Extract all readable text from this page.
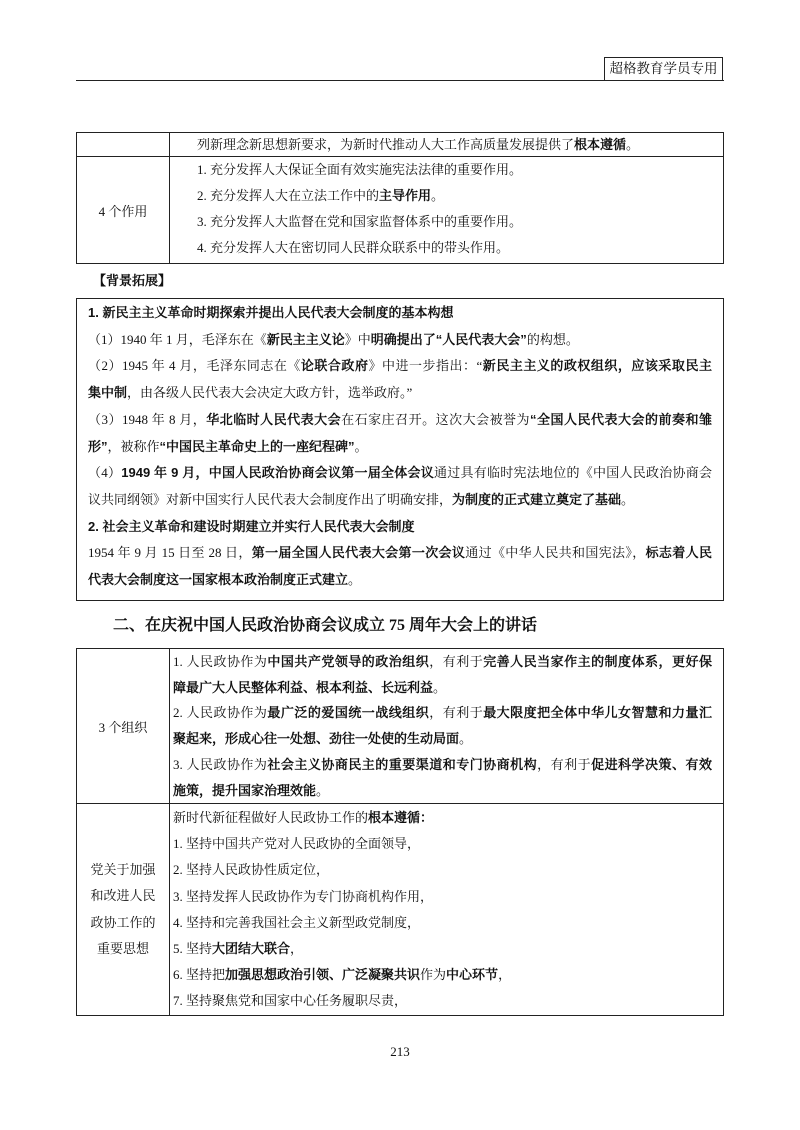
超格教育学员专用
列新理念新思想新要求，为新时代推动人大工作高质量发展提供了根本遵循。
4 个作用
1. 充分发挥人大保证全面有效实施宪法法律的重要作用。
2. 充分发挥人大在立法工作中的主导作用。
3. 充分发挥人大监督在党和国家监督体系中的重要作用。
4. 充分发挥人大在密切同人民群众联系中的带头作用。
【背景拓展】
1. 新民主主义革命时期探索并提出人民代表大会制度的基本构想
（1）1940 年 1 月，毛泽东在《新民主主义论》中明确提出了“人民代表大会”的构想。
（2）1945 年 4 月，毛泽东同志在《论联合政府》中进一步指出：“新民主主义的政权组织，应该采取民主
集中制，由各级人民代表大会决定大政方针，选举政府。”
（3）1948 年 8 月，华北临时人民代表大会在石家庄召开。这次大会被誉为“全国人民代表大会的前奏和雏
形”，被称作“中国民主革命史上的一座纪程碑”。
（4）1949 年 9 月，中国人民政治协商会议第一届全体会议通过具有临时宪法地位的《中国人民政治协商会
议共同纲领》对新中国实行人民代表大会制度作出了明确安排，为制度的正式建立奠定了基础。
2. 社会主义革命和建设时期建立并实行人民代表大会制度
1954 年 9 月 15 日至 28 日，第一届全国人民代表大会第一次会议通过《中华人民共和国宪法》，标志着人民
代表大会制度这一国家根本政治制度正式建立。
二、在庆祝中国人民政治协商会议成立 75 周年大会上的讲话
3 个组织
1. 人民政协作为中国共产党领导的政治组织，有利于完善人民当家作主的制度体系，更好保
障最广大人民整体利益、根本利益、长远利益。
2. 人民政协作为最广泛的爱国统一战线组织，有利于最大限度把全体中华儿女智慧和力量汇
聚起来，形成心往一处想、劲往一处使的生动局面。
3. 人民政协作为社会主义协商民主的重要渠道和专门协商机构，有利于促进科学决策、有效
施策，提升国家治理效能。
党关于加强和改进人民政协工作的重要思想
新时代新征程做好人民政协工作的根本遵循：
1. 坚持中国共产党对人民政协的全面领导，
2. 坚持人民政协性质定位，
3. 坚持发挥人民政协作为专门协商机构作用，
4. 坚持和完善我国社会主义新型政党制度，
5. 坚持大团结大联合，
6. 坚持把加强思想政治引领、广泛凝聚共识作为中心环节，
7. 坚持聚焦党和国家中心任务履职尽责，
213
